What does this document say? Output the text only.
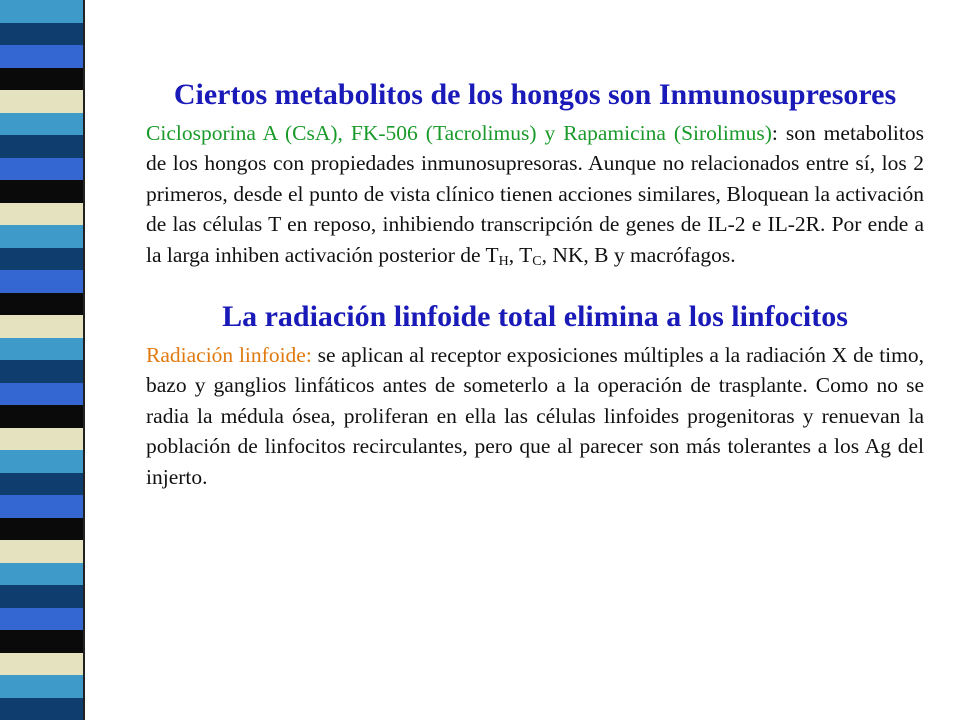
Ciertos metabolitos de los hongos son Inmunosupresores

Ciclosporina A (CsA), FK-506 (Tacrolimus) y Rapamicina (Sirolimus): son metabolitos de los hongos con propiedades inmunosupresoras. Aunque no relacionados entre sí, los 2 primeros, desde el punto de vista clínico tienen acciones similares, Bloquean la activación de las células T en reposo, inhibiendo transcripción de genes de IL-2 e IL-2R. Por ende a la larga inhiben activación posterior de $T_H$, $T_C$, NK, B y macrófagos.

La radiación linfoide total elimina a los linfocitos

Radiación linfoide: se aplican al receptor exposiciones múltiples a la radiación X de timo, bazo y ganglios linfáticos antes de someterlo a la operación de trasplante. Como no se radia la médula ósea, proliferan en ella las células linfoides progenitoras y renuevan la población de linfocitos recirculantes, pero que al parecer son más tolerantes a los Ag del injerto.
